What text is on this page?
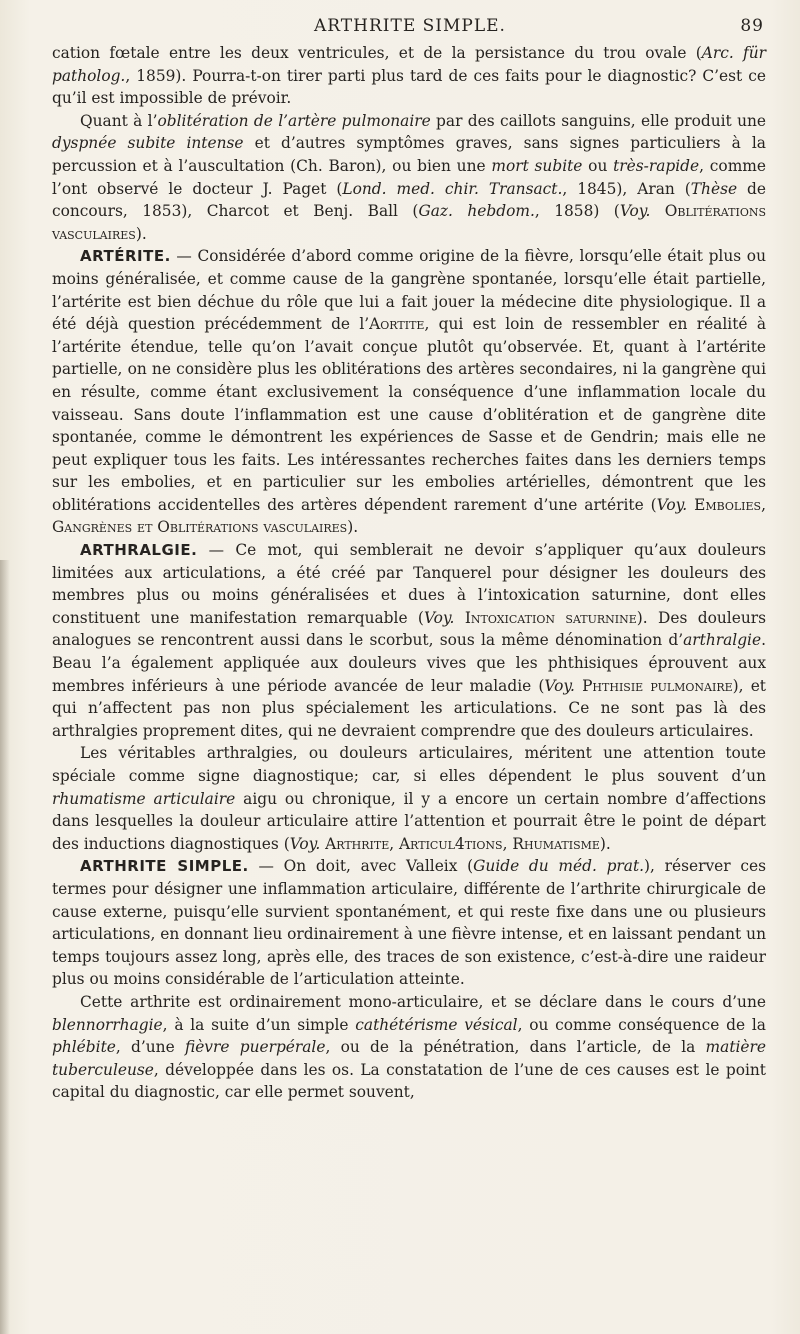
ARTHRITE SIMPLE.	89

cation fœtale entre les deux ventricules, et de la persistance du trou ovale (Arc. für patholog., 1859). Pourra-t-on tirer parti plus tard de ces faits pour le diagnostic? C’est ce qu’il est impossible de prévoir.

Quant à l’oblitération de l’artère pulmonaire par des caillots sanguins, elle produit une dyspnée subite intense et d’autres symptômes graves, sans signes particuliers à la percussion et à l’auscultation (Ch. Baron), ou bien une mort subite ou très-rapide, comme l’ont observé le docteur J. Paget (Lond. med. chir. Transact., 1845), Aran (Thèse de concours, 1853), Charcot et Benj. Ball (Gaz. hebdom., 1858) (Voy. Oblitérations vasculaires).

ARTÉRITE. — Considérée d’abord comme origine de la fièvre, lorsqu’elle était plus ou moins généralisée, et comme cause de la gangrène spontanée, lorsqu’elle était partielle, l’artérite est bien déchue du rôle que lui a fait jouer la médecine dite physiologique. Il a été déjà question précédemment de l’Aortite, qui est loin de ressembler en réalité à l’artérite étendue, telle qu’on l’avait conçue plutôt qu’observée. Et, quant à l’artérite partielle, on ne considère plus les oblitérations des artères secondaires, ni la gangrène qui en résulte, comme étant exclusivement la conséquence d’une inflammation locale du vaisseau. Sans doute l’inflammation est une cause d’oblitération et de gangrène dite spontanée, comme le démontrent les expériences de Sasse et de Gendrin; mais elle ne peut expliquer tous les faits. Les intéressantes recherches faites dans les derniers temps sur les embolies, et en particulier sur les embolies artérielles, démontrent que les oblitérations accidentelles des artères dépendent rarement d’une artérite (Voy. Embolies, Gangrènes et Oblitérations vasculaires).

ARTHRALGIE. — Ce mot, qui semblerait ne devoir s’appliquer qu’aux douleurs limitées aux articulations, a été créé par Tanquerel pour désigner les douleurs des membres plus ou moins généralisées et dues à l’intoxication saturnine, dont elles constituent une manifestation remarquable (Voy. Intoxication saturnine). Des douleurs analogues se rencontrent aussi dans le scorbut, sous la même dénomination d’arthralgie. Beau l’a également appliquée aux douleurs vives que les phthisiques éprouvent aux membres inférieurs à une période avancée de leur maladie (Voy. Phthisie pulmonaire), et qui n’affectent pas non plus spécialement les articulations. Ce ne sont pas là des arthralgies proprement dites, qui ne devraient comprendre que des douleurs articulaires.

Les véritables arthralgies, ou douleurs articulaires, méritent une attention toute spéciale comme signe diagnostique; car, si elles dépendent le plus souvent d’un rhumatisme articulaire aigu ou chronique, il y a encore un certain nombre d’affections dans lesquelles la douleur articulaire attire l’attention et pourrait être le point de départ des inductions diagnostiques (Voy. Arthrite, Articul4tions, Rhumatisme).

ARTHRITE SIMPLE. — On doit, avec Valleix (Guide du méd. prat.), réserver ces termes pour désigner une inflammation articulaire, différente de l’arthrite chirurgicale de cause externe, puisqu’elle survient spontanément, et qui reste fixe dans une ou plusieurs articulations, en donnant lieu ordinairement à une fièvre intense, et en laissant pendant un temps toujours assez long, après elle, des traces de son existence, c’est-à-dire une raideur plus ou moins considérable de l’articulation atteinte.

Cette arthrite est ordinairement mono-articulaire, et se déclare dans le cours d’une blennorrhagie, à la suite d’un simple cathétérisme vésical, ou comme conséquence de la phlébite, d’une fièvre puerpérale, ou de la pénétration, dans l’article, de la matière tuberculeuse, développée dans les os. La constatation de l’une de ces causes est le point capital du diagnostic, car elle permet souvent,
